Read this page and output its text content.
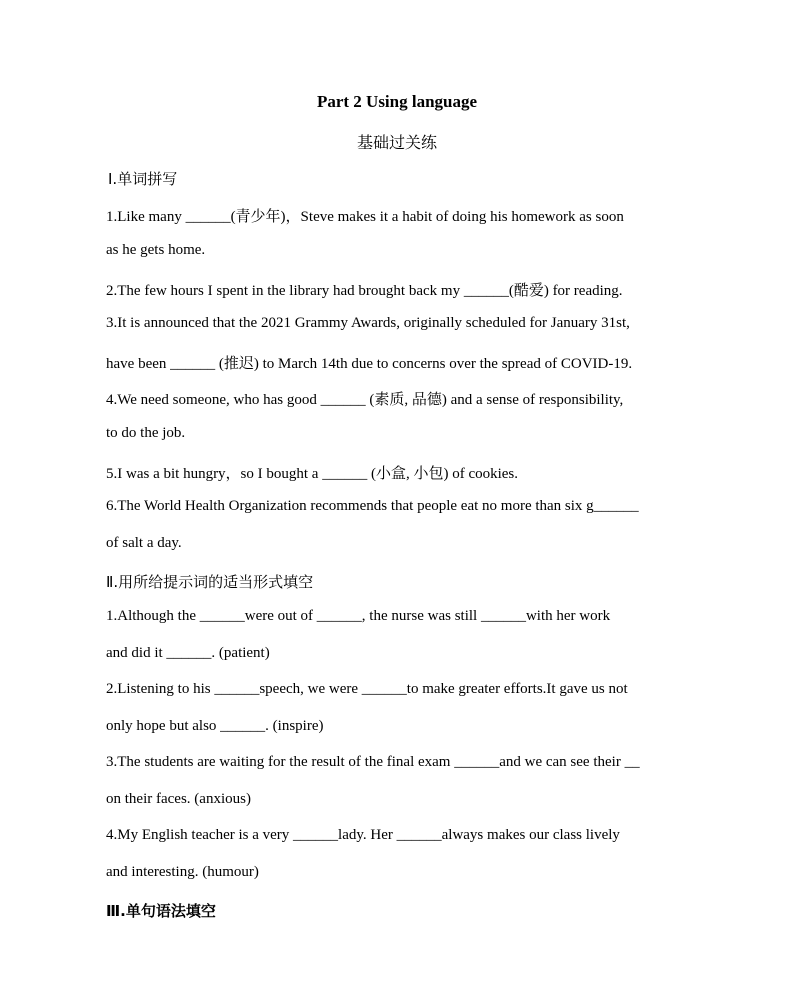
Part 2 Using language
基础过关练
Ⅰ.单词拼写
1.Like many ______(青少年)，Steve makes it a habit of doing his homework as soon
as he gets home.
2.The few hours I spent in the library had brought back my ______(酷爱) for reading.
3.It is announced that the 2021 Grammy Awards, originally scheduled for January 31st,
have been ______ (推迟) to March 14th due to concerns over the spread of COVID-19.
4.We need someone, who has good ______ (素质, 品德) and a sense of responsibility,
to do the job.
5.I was a bit hungry，so I bought a ______ (小盒, 小包) of cookies.
6.The World Health Organization recommends that people eat no more than six g______
of salt a day.
Ⅱ.用所给提示词的适当形式填空
1.Although the ______were out of ______, the nurse was still ______with her work
and did it ______. (patient)
2.Listening to his ______speech, we were ______to make greater efforts.It gave us not
only hope but also ______. (inspire)
3.The students are waiting for the result of the final exam ______and we can see their __
on their faces. (anxious)
4.My English teacher is a very ______lady. Her ______always makes our class lively
and interesting. (humour)
Ⅲ.单句语法填空
